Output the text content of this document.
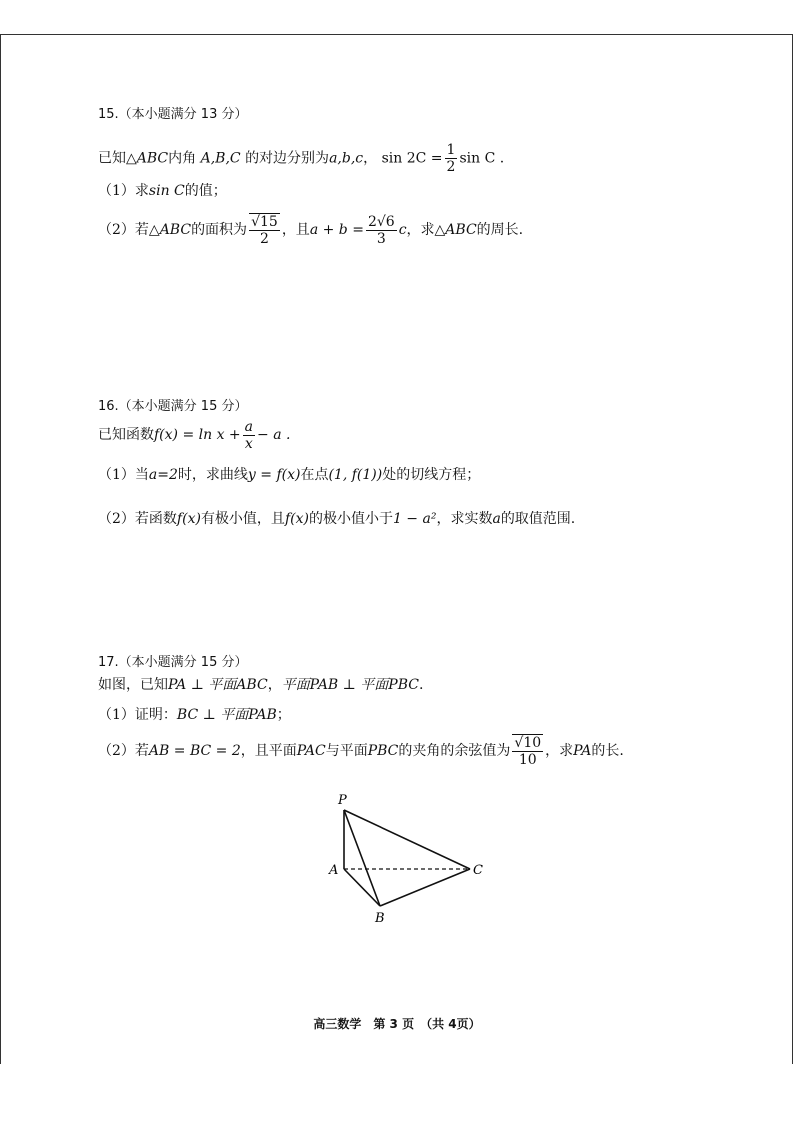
15.（本小题满分 13 分）
已知△ABC内角 A,B,C 的对边分别为a,b,c， $\sin 2C = \frac{1}{2}$ sin C .
（1）求sin C的值；
（2）若△ABC的面积为 $\frac{√15}{2}$ ，且$a + b = \frac{2√6}{3}$ c，求△ABC的周长.
16.（本小题满分 15 分）
已知函数$f(x) = \ln x + \frac{a}{x} - a$ .
（1）当a=2时，求曲线y = f(x)在点(1, f(1))处的切线方程；
（2）若函数f(x)有极小值，且f(x)的极小值小于1 − a²，求实数a的取值范围.
17.（本小题满分 15 分）
如图，已知PA ⊥ 平面ABC，平面PAB ⊥ 平面PBC.
（1）证明：BC ⊥ 平面PAB；
（2）若AB = BC = 2，且平面PAC与平面PBC的夹角的余弦值为 $\frac{√10}{10}$ ，求PA的长.
P
A
B
C
高三数学　第 3 页　（共 4页）
